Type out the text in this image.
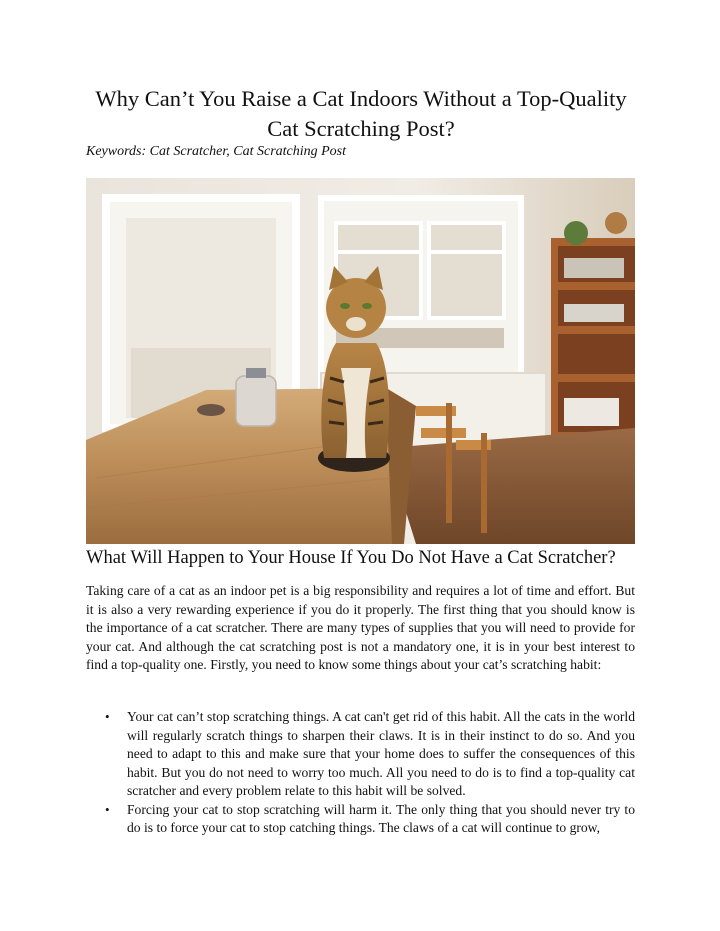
Why Can’t You Raise a Cat Indoors Without a Top-Quality Cat Scratching Post?
Keywords: Cat Scratcher, Cat Scratching Post
What Will Happen to Your House If You Do Not Have a Cat Scratcher?

Taking care of a cat as an indoor pet is a big responsibility and requires a lot of time and effort. But it is also a very rewarding experience if you do it properly. The first thing that you should know is the importance of a cat scratcher. There are many types of supplies that you will need to provide for your cat. And although the cat scratching post is not a mandatory one, it is in your best interest to find a top-quality one. Firstly, you need to know some things about your cat’s scratching habit:

• Your cat can’t stop scratching things. A cat can't get rid of this habit. All the cats in the world will regularly scratch things to sharpen their claws. It is in their instinct to do so. And you need to adapt to this and make sure that your home does to suffer the consequences of this habit. But you do not need to worry too much. All you need to do is to find a top-quality cat scratcher and every problem relate to this habit will be solved.
• Forcing your cat to stop scratching will harm it. The only thing that you should never try to do is to force your cat to stop catching things. The claws of a cat will continue to grow,
